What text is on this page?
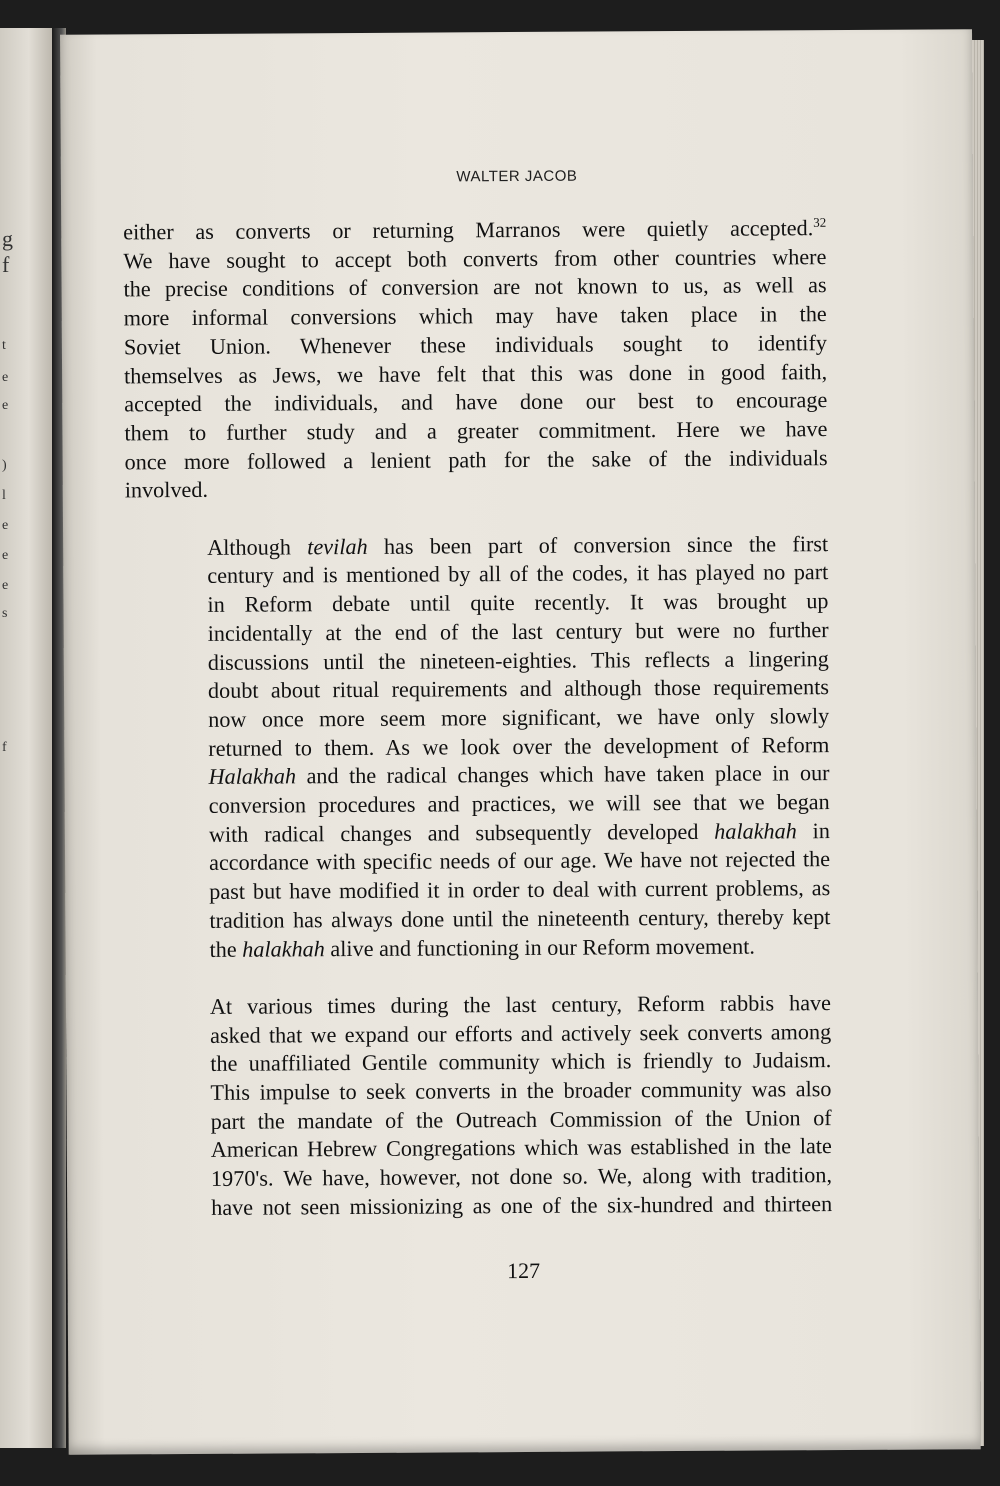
g
f
t
e
e
)
l
e
e
e
s
f
WALTER JACOB

either as converts or returning Marranos were quietly accepted.$^{32}$
We have sought to accept both converts from other countries where
the precise conditions of conversion are not known to us, as well as
more informal conversions which may have taken place in the
Soviet Union. Whenever these individuals sought to identify
themselves as Jews, we have felt that this was done in good faith,
accepted the individuals, and have done our best to encourage
them to further study and a greater commitment. Here we have
once more followed a lenient path for the sake of the individuals
involved.

Although tevilah has been part of conversion since the first
century and is mentioned by all of the codes, it has played no part
in Reform debate until quite recently. It was brought up
incidentally at the end of the last century but were no further
discussions until the nineteen-eighties. This reflects a lingering
doubt about ritual requirements and although those requirements
now once more seem more significant, we have only slowly
returned to them. As we look over the development of Reform
Halakhah and the radical changes which have taken place in our
conversion procedures and practices, we will see that we began
with radical changes and subsequently developed halakhah in
accordance with specific needs of our age. We have not rejected the
past but have modified it in order to deal with current problems, as
tradition has always done until the nineteenth century, thereby kept
the halakhah alive and functioning in our Reform movement.

At various times during the last century, Reform rabbis have
asked that we expand our efforts and actively seek converts among
the unaffiliated Gentile community which is friendly to Judaism.
This impulse to seek converts in the broader community was also
part the mandate of the Outreach Commission of the Union of
American Hebrew Congregations which was established in the late
1970's. We have, however, not done so. We, along with tradition,
have not seen missionizing as one of the six-hundred and thirteen

127
